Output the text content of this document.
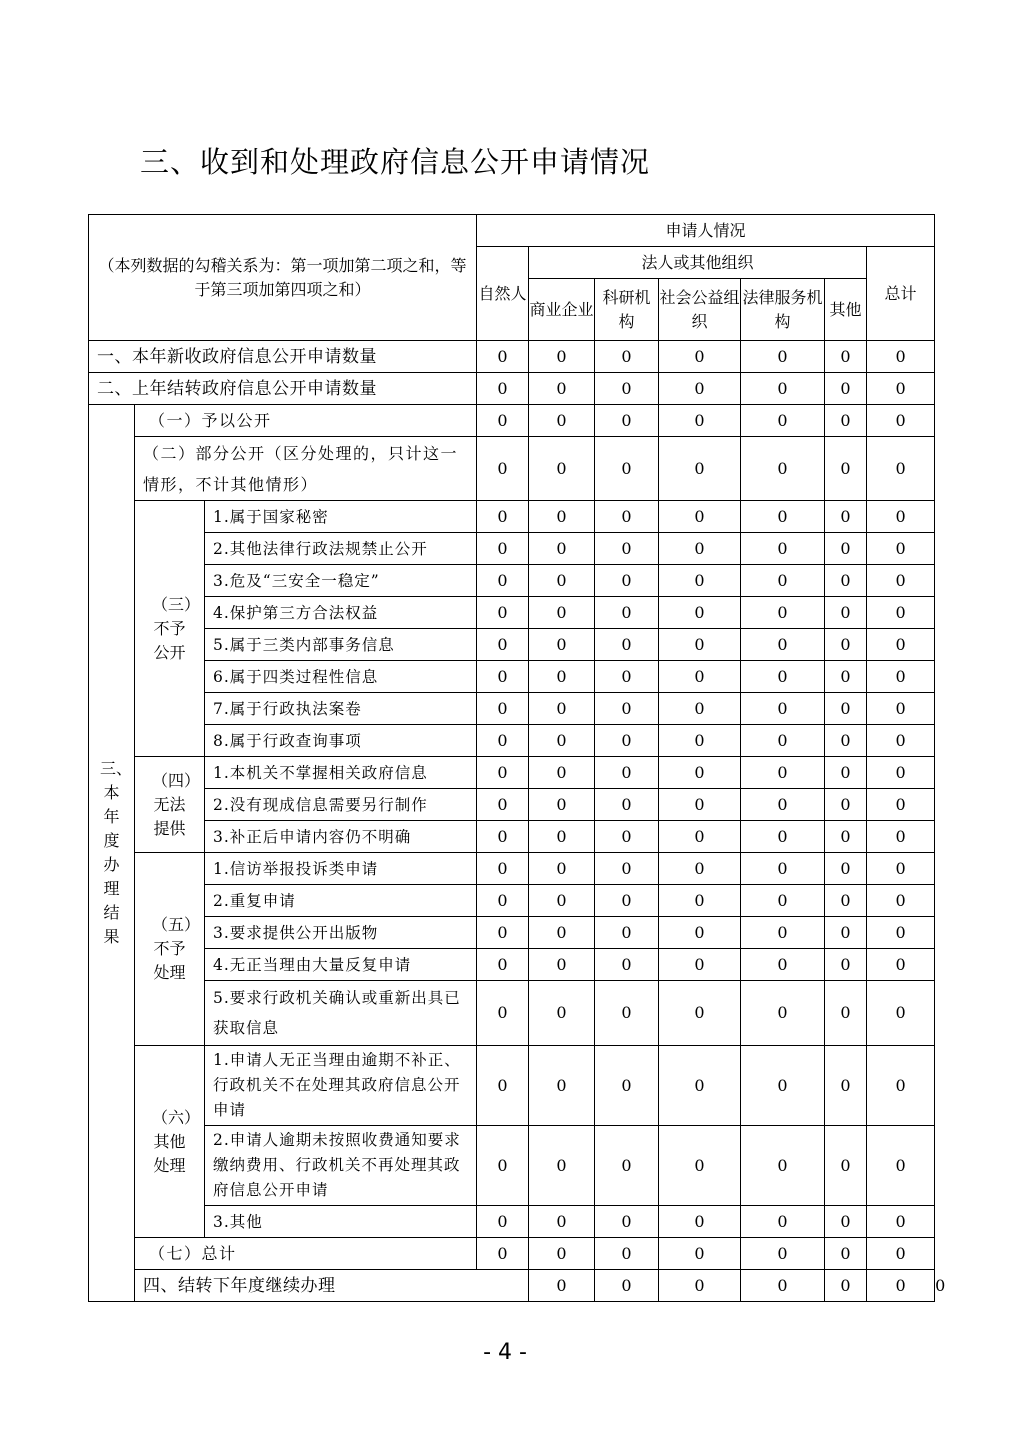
三、收到和处理政府信息公开申请情况
（本列数据的勾稽关系为：第一项加第二项之和，等于第三项加第四项之和）			申请人情况							
			自然人	法人或其他组织					总计	
				商业企业	科研机构	社会公益组织	法律服务机构	其他		
一、本年新收政府信息公开申请数量			0	0	0	0	0	0	0	
二、上年结转政府信息公开申请数量			0	0	0	0	0	0	0	
三、本年度办理结果	（一）予以公开		0	0	0	0	0	0	0	
	（二）部分公开（区分处理的，只计这一情形，不计其他情形）		0	0	0	0	0	0	0	
	（三）不予公开	1.属于国家秘密	0	0	0	0	0	0	0	
		2.其他法律行政法规禁止公开	0	0	0	0	0	0	0	
		3.危及“三安全一稳定”	0	0	0	0	0	0	0	
		4.保护第三方合法权益	0	0	0	0	0	0	0	
		5.属于三类内部事务信息	0	0	0	0	0	0	0	
		6.属于四类过程性信息	0	0	0	0	0	0	0	
		7.属于行政执法案卷	0	0	0	0	0	0	0	
		8.属于行政查询事项	0	0	0	0	0	0	0	
	（四）无法提供	1.本机关不掌握相关政府信息	0	0	0	0	0	0	0	
		2.没有现成信息需要另行制作	0	0	0	0	0	0	0	
		3.补正后申请内容仍不明确	0	0	0	0	0	0	0	
	（五）不予处理	1.信访举报投诉类申请	0	0	0	0	0	0	0	
		2.重复申请	0	0	0	0	0	0	0	
		3.要求提供公开出版物	0	0	0	0	0	0	0	
		4.无正当理由大量反复申请	0	0	0	0	0	0	0	
		5.要求行政机关确认或重新出具已获取信息	0	0	0	0	0	0	0	
	（六）其他处理	1.申请人无正当理由逾期不补正、行政机关不在处理其政府信息公开申请	0	0	0	0	0	0	0	
		2.申请人逾期未按照收费通知要求缴纳费用、行政机关不再处理其政府信息公开申请	0	0	0	0	0	0	0	
		3.其他	0	0	0	0	0	0	0	
	（七）总计		0	0	0	0	0	0	0	
	四、结转下年度继续办理			0	0	0	0	0	0	0
- 4 -
